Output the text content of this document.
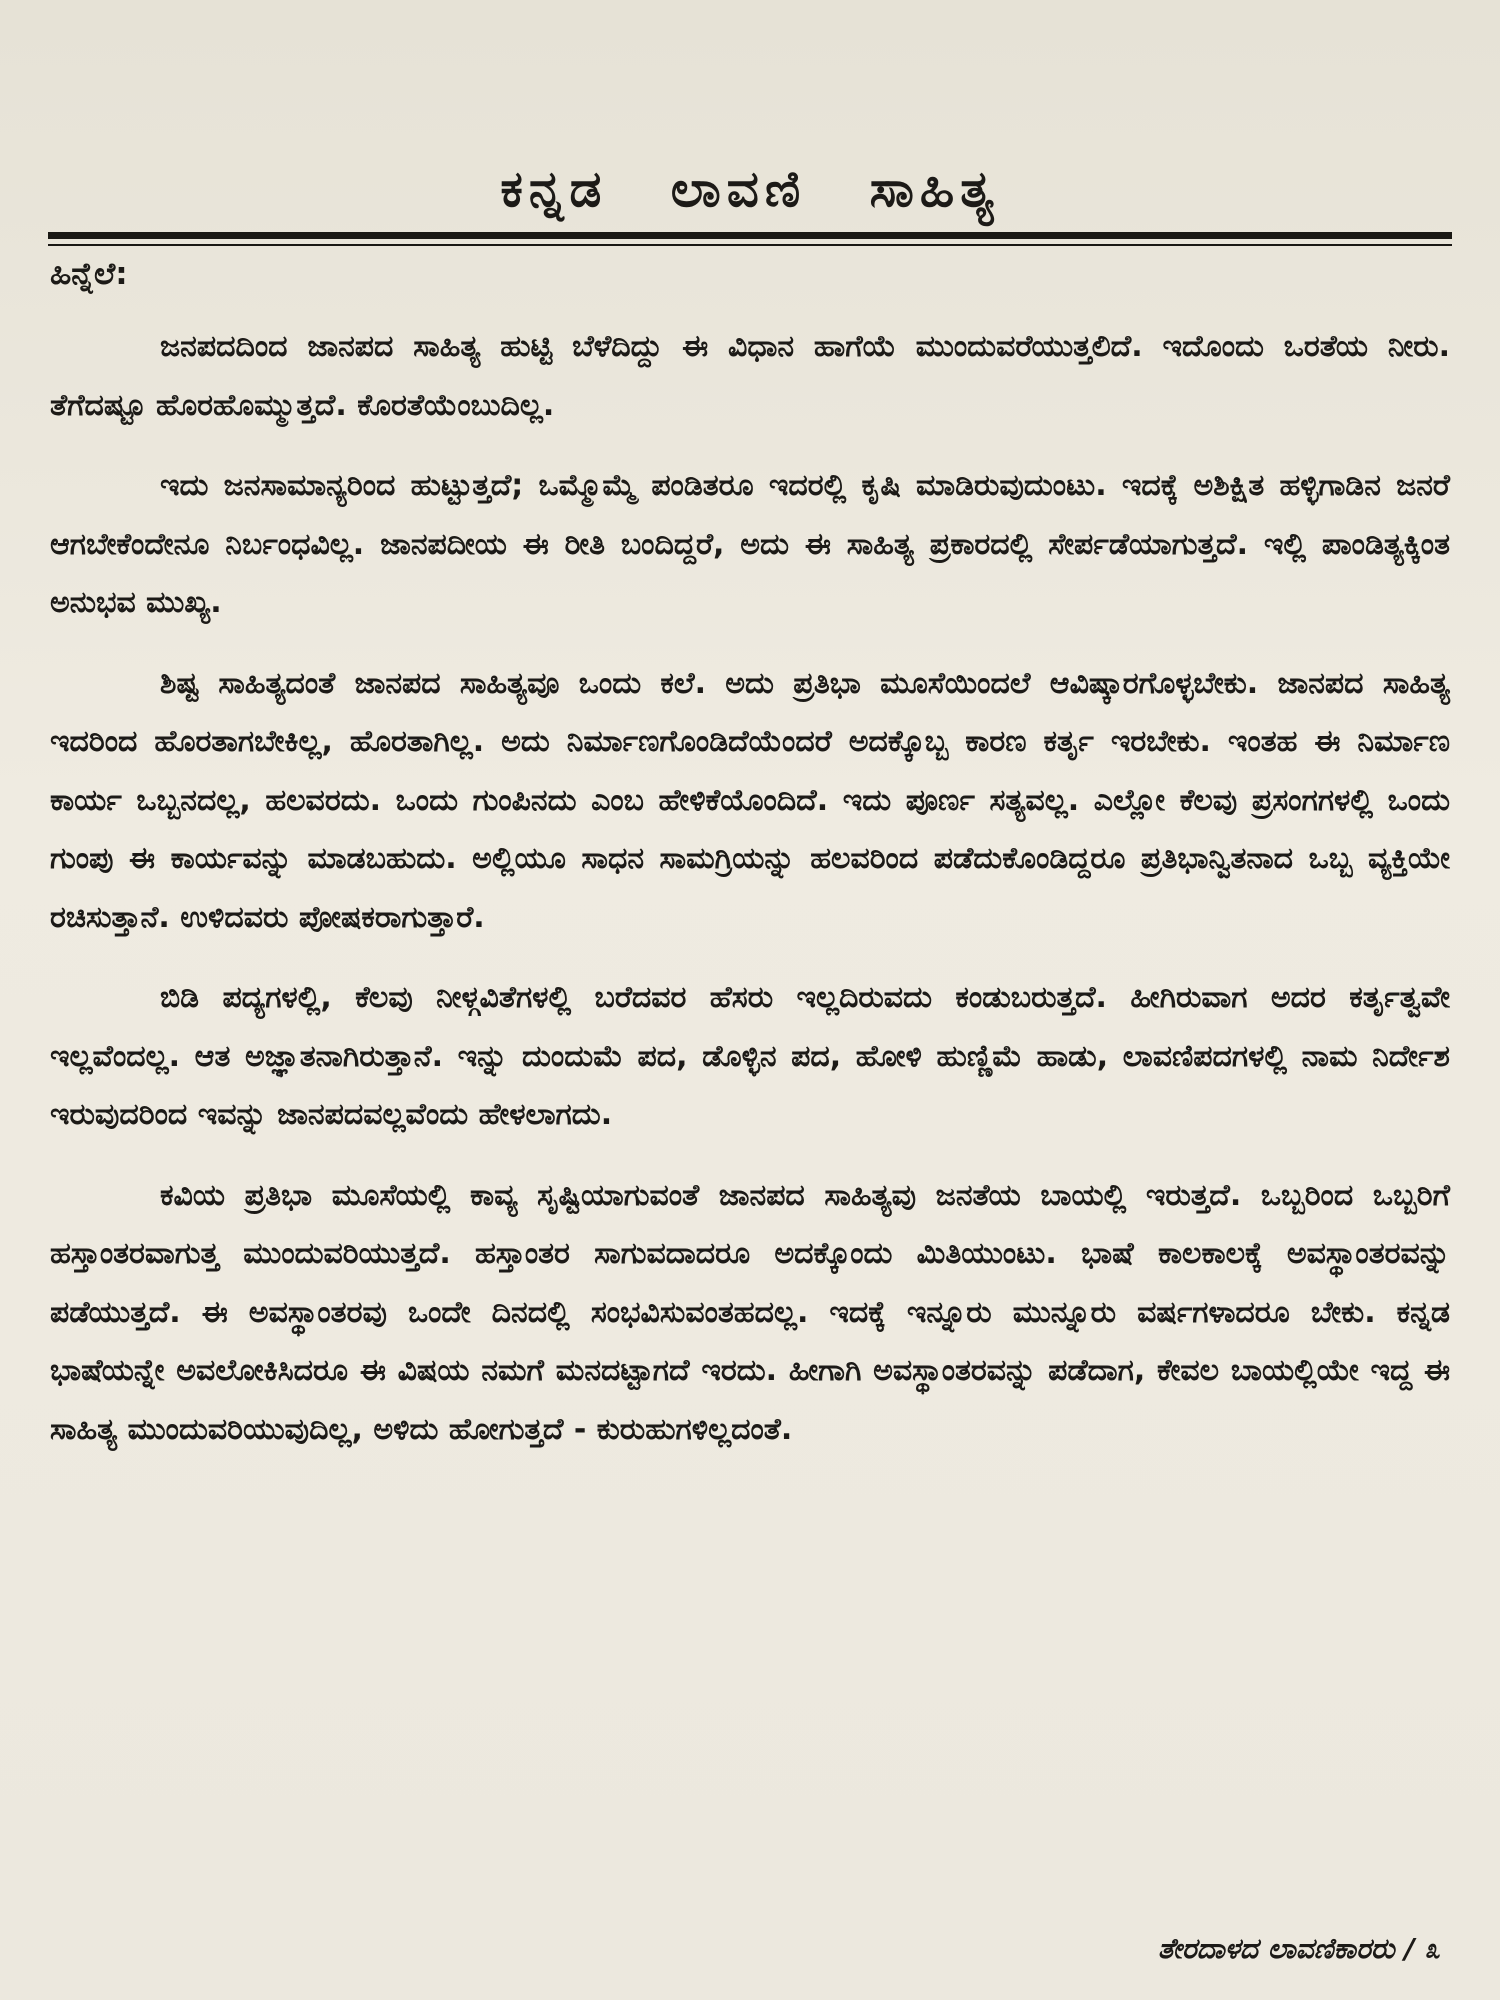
ಕನ್ನಡ ಲಾವಣಿ ಸಾಹಿತ್ಯ
ಹಿನ್ನೆಲೆ:

ಜನಪದದಿಂದ ಜಾನಪದ ಸಾಹಿತ್ಯ ಹುಟ್ಟಿ ಬೆಳೆದಿದ್ದು ಈ ವಿಧಾನ ಹಾಗೆಯೆ ಮುಂದುವರೆಯುತ್ತಲಿದೆ. ಇದೊಂದು ಒರತೆಯ ನೀರು. ತೆಗೆದಷ್ಟೂ ಹೊರಹೊಮ್ಮುತ್ತದೆ. ಕೊರತೆಯೆಂಬುದಿಲ್ಲ.

ಇದು ಜನಸಾಮಾನ್ಯರಿಂದ ಹುಟ್ಟುತ್ತದೆ; ಒಮ್ಮೊಮ್ಮೆ ಪಂಡಿತರೂ ಇದರಲ್ಲಿ ಕೃಷಿ ಮಾಡಿರುವುದುಂಟು. ಇದಕ್ಕೆ ಅಶಿಕ್ಷಿತ ಹಳ್ಳಿಗಾಡಿನ ಜನರೆ ಆಗಬೇಕೆಂದೇನೂ ನಿರ್ಬಂಧವಿಲ್ಲ. ಜಾನಪದೀಯ ಈ ರೀತಿ ಬಂದಿದ್ದರೆ, ಅದು ಈ ಸಾಹಿತ್ಯ ಪ್ರಕಾರದಲ್ಲಿ ಸೇರ್ಪಡೆಯಾಗುತ್ತದೆ. ಇಲ್ಲಿ ಪಾಂಡಿತ್ಯಕ್ಕಿಂತ ಅನುಭವ ಮುಖ್ಯ.

ಶಿಷ್ಟ ಸಾಹಿತ್ಯದಂತೆ ಜಾನಪದ ಸಾಹಿತ್ಯವೂ ಒಂದು ಕಲೆ. ಅದು ಪ್ರತಿಭಾ ಮೂಸೆಯಿಂದಲೆ ಆವಿಷ್ಕಾರಗೊಳ್ಳಬೇಕು. ಜಾನಪದ ಸಾಹಿತ್ಯ ಇದರಿಂದ ಹೊರತಾಗಬೇಕಿಲ್ಲ, ಹೊರತಾಗಿಲ್ಲ. ಅದು ನಿರ್ಮಾಣಗೊಂಡಿದೆಯೆಂದರೆ ಅದಕ್ಕೊಬ್ಬ ಕಾರಣ ಕರ್ತೃ ಇರಬೇಕು. ಇಂತಹ ಈ ನಿರ್ಮಾಣ ಕಾರ್ಯ ಒಬ್ಬನದಲ್ಲ, ಹಲವರದು. ಒಂದು ಗುಂಪಿನದು ಎಂಬ ಹೇಳಿಕೆಯೊಂದಿದೆ. ಇದು ಪೂರ್ಣ ಸತ್ಯವಲ್ಲ. ಎಲ್ಲೋ ಕೆಲವು ಪ್ರಸಂಗಗಳಲ್ಲಿ ಒಂದು ಗುಂಪು ಈ ಕಾರ್ಯವನ್ನು ಮಾಡಬಹುದು. ಅಲ್ಲಿಯೂ ಸಾಧನ ಸಾಮಗ್ರಿಯನ್ನು ಹಲವರಿಂದ ಪಡೆದುಕೊಂಡಿದ್ದರೂ ಪ್ರತಿಭಾನ್ವಿತನಾದ ಒಬ್ಬ ವ್ಯಕ್ತಿಯೇ ರಚಿಸುತ್ತಾನೆ. ಉಳಿದವರು ಪೋಷಕರಾಗುತ್ತಾರೆ.

ಬಿಡಿ ಪದ್ಯಗಳಲ್ಲಿ, ಕೆಲವು ನೀಳ್ಗವಿತೆಗಳಲ್ಲಿ ಬರೆದವರ ಹೆಸರು ಇಲ್ಲದಿರುವದು ಕಂಡುಬರುತ್ತದೆ. ಹೀಗಿರುವಾಗ ಅದರ ಕರ್ತೃತ್ವವೇ ಇಲ್ಲವೆಂದಲ್ಲ. ಆತ ಅಜ್ಞಾತನಾಗಿರುತ್ತಾನೆ. ಇನ್ನು ದುಂದುಮೆ ಪದ, ಡೊಳ್ಳಿನ ಪದ, ಹೋಳಿ ಹುಣ್ಣಿಮೆ ಹಾಡು, ಲಾವಣಿಪದಗಳಲ್ಲಿ ನಾಮ ನಿರ್ದೇಶ ಇರುವುದರಿಂದ ಇವನ್ನು ಜಾನಪದವಲ್ಲವೆಂದು ಹೇಳಲಾಗದು.

ಕವಿಯ ಪ್ರತಿಭಾ ಮೂಸೆಯಲ್ಲಿ ಕಾವ್ಯ ಸೃಷ್ಟಿಯಾಗುವಂತೆ ಜಾನಪದ ಸಾಹಿತ್ಯವು ಜನತೆಯ ಬಾಯಲ್ಲಿ ಇರುತ್ತದೆ. ಒಬ್ಬರಿಂದ ಒಬ್ಬರಿಗೆ ಹಸ್ತಾಂತರವಾಗುತ್ತ ಮುಂದುವರಿಯುತ್ತದೆ. ಹಸ್ತಾಂತರ ಸಾಗುವದಾದರೂ ಅದಕ್ಕೊಂದು ಮಿತಿಯುಂಟು. ಭಾಷೆ ಕಾಲಕಾಲಕ್ಕೆ ಅವಸ್ಥಾಂತರವನ್ನು ಪಡೆಯುತ್ತದೆ. ಈ ಅವಸ್ಥಾಂತರವು ಒಂದೇ ದಿನದಲ್ಲಿ ಸಂಭವಿಸುವಂತಹದಲ್ಲ. ಇದಕ್ಕೆ ಇನ್ನೂರು ಮುನ್ನೂರು ವರ್ಷಗಳಾದರೂ ಬೇಕು. ಕನ್ನಡ ಭಾಷೆಯನ್ನೇ ಅವಲೋಕಿಸಿದರೂ ಈ ವಿಷಯ ನಮಗೆ ಮನದಟ್ಟಾಗದೆ ಇರದು. ಹೀಗಾಗಿ ಅವಸ್ಥಾಂತರವನ್ನು ಪಡೆದಾಗ, ಕೇವಲ ಬಾಯಲ್ಲಿಯೇ ಇದ್ದ ಈ ಸಾಹಿತ್ಯ ಮುಂದುವರಿಯುವುದಿಲ್ಲ, ಅಳಿದು ಹೋಗುತ್ತದೆ - ಕುರುಹುಗಳಿಲ್ಲದಂತೆ.

ತೇರದಾಳದ ಲಾವಣಿಕಾರರು / ೩
